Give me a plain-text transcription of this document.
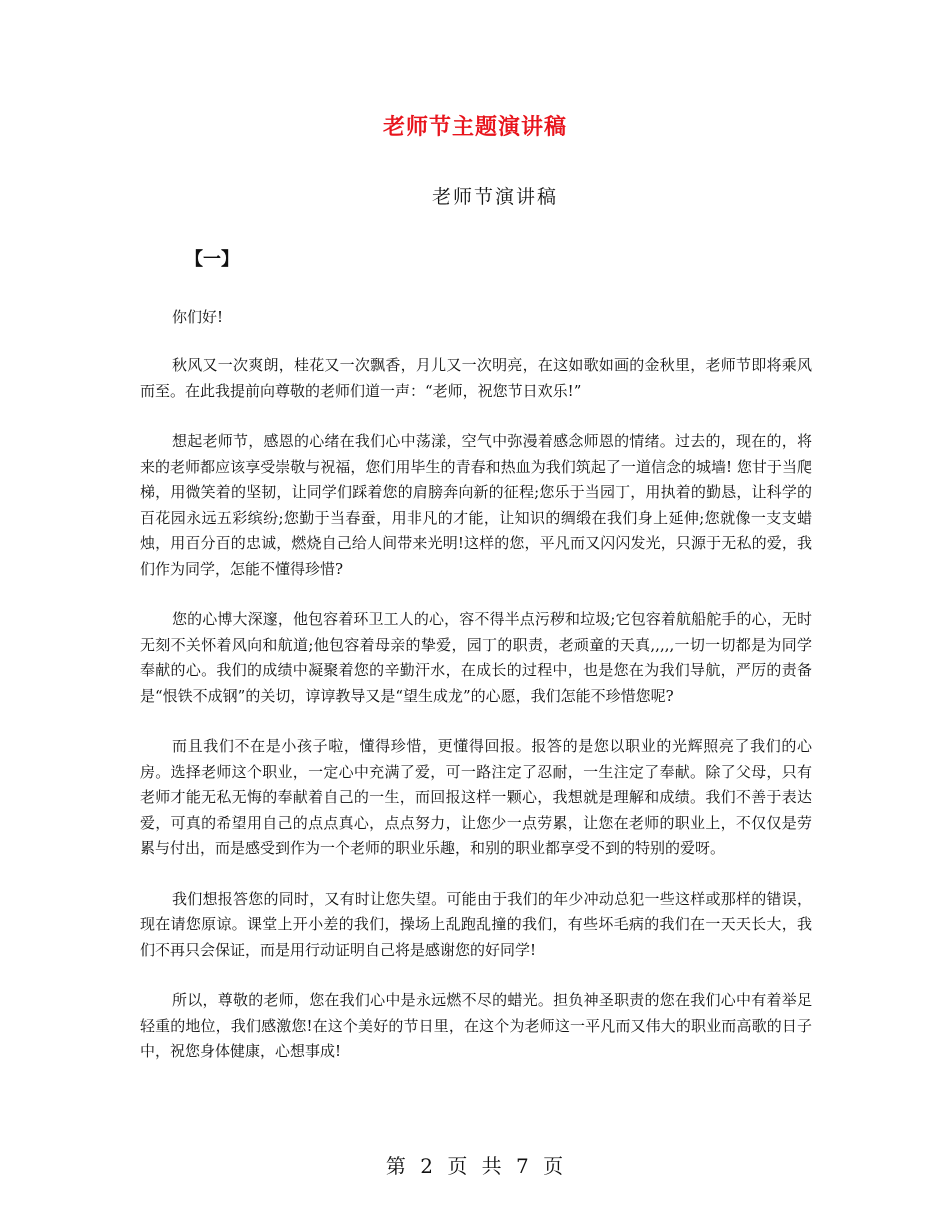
老师节主题演讲稿
老师节演讲稿
【一】

你们好!

秋风又一次爽朗，桂花又一次飘香，月儿又一次明亮，在这如歌如画的金秋里，老师节即将乘风而至。在此我提前向尊敬的老师们道一声：“老师，祝您节日欢乐!”

想起老师节，感恩的心绪在我们心中荡漾，空气中弥漫着感念师恩的情绪。过去的，现在的，将来的老师都应该享受崇敬与祝福，您们用毕生的青春和热血为我们筑起了一道信念的城墙! 您甘于当爬梯，用微笑着的坚韧，让同学们踩着您的肩膀奔向新的征程;您乐于当园丁，用执着的勤恳，让科学的百花园永远五彩缤纷;您勤于当春蚕，用非凡的才能，让知识的绸缎在我们身上延伸;您就像一支支蜡烛，用百分百的忠诚，燃烧自己给人间带来光明!这样的您，平凡而又闪闪发光，只源于无私的爱，我们作为同学，怎能不懂得珍惜?

您的心博大深邃，他包容着环卫工人的心，容不得半点污秽和垃圾;它包容着航船舵手的心，无时无刻不关怀着风向和航道;他包容着母亲的挚爱，园丁的职责，老顽童的天真,,,,,一切一切都是为同学奉献的心。我们的成绩中凝聚着您的辛勤汗水，在成长的过程中，也是您在为我们导航，严厉的责备是“恨铁不成钢”的关切，谆谆教导又是“望生成龙”的心愿，我们怎能不珍惜您呢?

而且我们不在是小孩子啦，懂得珍惜，更懂得回报。报答的是您以职业的光辉照亮了我们的心房。选择老师这个职业，一定心中充满了爱，可一路注定了忍耐，一生注定了奉献。除了父母，只有老师才能无私无悔的奉献着自己的一生，而回报这样一颗心，我想就是理解和成绩。我们不善于表达爱，可真的希望用自己的点点真心，点点努力，让您少一点劳累，让您在老师的职业上，不仅仅是劳累与付出，而是感受到作为一个老师的职业乐趣，和别的职业都享受不到的特别的爱呀。

我们想报答您的同时，又有时让您失望。可能由于我们的年少冲动总犯一些这样或那样的错误，现在请您原谅。课堂上开小差的我们，操场上乱跑乱撞的我们，有些坏毛病的我们在一天天长大，我们不再只会保证，而是用行动证明自己将是感谢您的好同学!

所以，尊敬的老师，您在我们心中是永远燃不尽的蜡光。担负神圣职责的您在我们心中有着举足轻重的地位，我们感激您!在这个美好的节日里，在这个为老师这一平凡而又伟大的职业而高歌的日子中，祝您身体健康，心想事成!

第 2 页 共 7 页
